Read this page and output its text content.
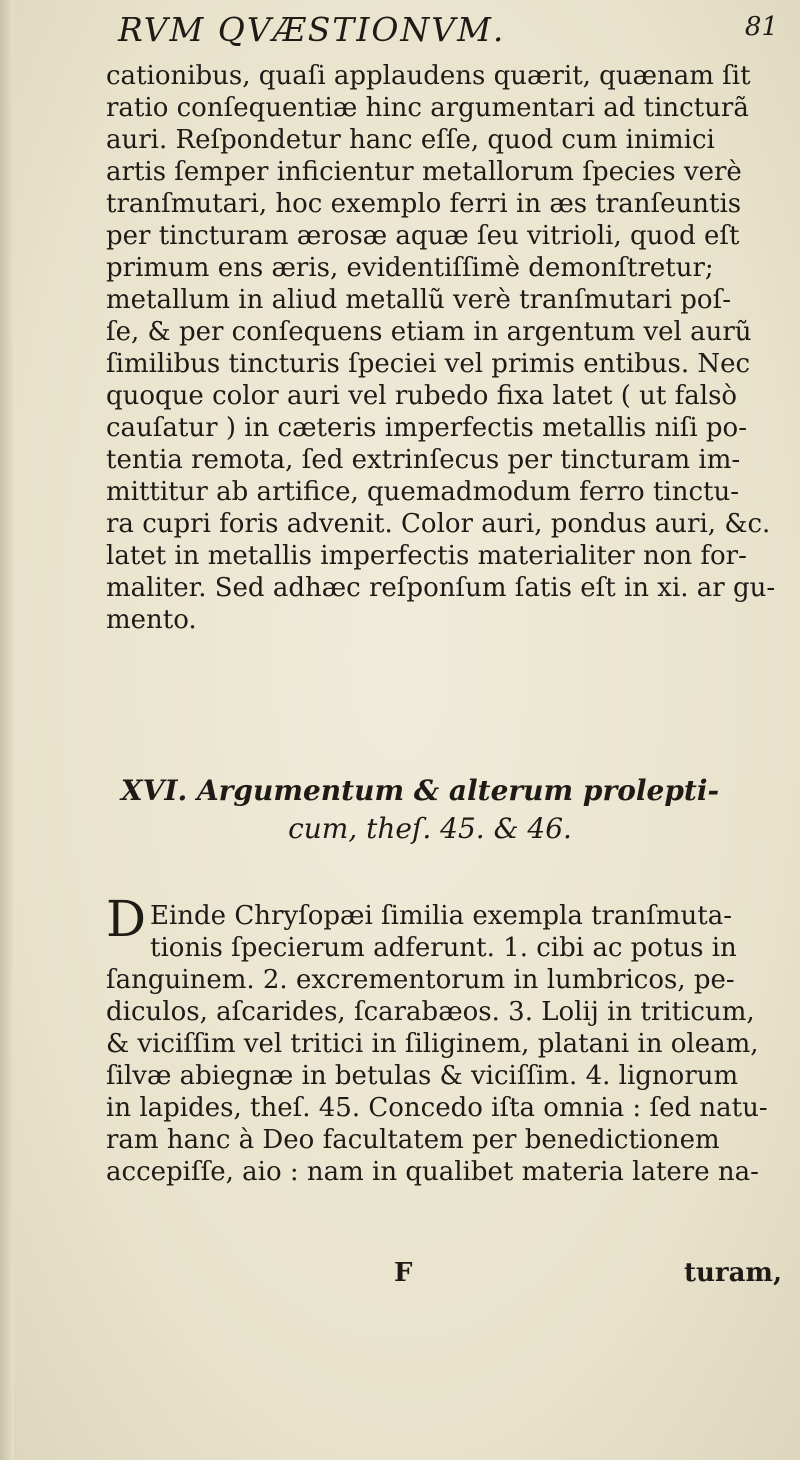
RVM QVÆSTIONVM.	81
cationibus, quaſi applaudens quærit, quænam ſit
ratio conſequentiæ hinc argumentari ad tincturã
auri. Reſpondetur hanc eſſe, quod cum inimici
artis ſemper inficientur metallorum ſpecies verè
tranſmutari, hoc exemplo ferri in æs tranſeuntis
per tincturam ærosæ aquæ ſeu vitrioli, quod eſt
primum ens æris, evidentiſſimè demonſtretur;
metallum in aliud metallũ verè tranſmutari poſ-
ſe, & per conſequens etiam in argentum vel aurũ
ſimilibus tincturis ſpeciei vel primis entibus. Nec
quoque color auri vel rubedo fixa latet ( ut falsò
cauſatur ) in cæteris imperfectis metallis niſi po-
tentia remota, ſed extrinſecus per tincturam im-
mittitur ab artifice, quemadmodum ferro tinctu-
ra cupri foris advenit. Color auri, pondus auri, &c.
latet in metallis imperfectis materialiter non for-
maliter. Sed adhæc reſponſum ſatis eſt in xi. ar gu-
mento.
XVI. Argumentum & alterum prolepti-
cum, theſ. 45. & 46.
D Einde Chryſopæi ſimilia exempla tranſmuta-
tionis ſpecierum adferunt. 1. cibi ac potus in
ſanguinem. 2. excrementorum in lumbricos, pe-
diculos, aſcarides, ſcarabæos. 3. Lolij in triticum,
& viciſſim vel tritici in ſiliginem, platani in oleam,
ſilvæ abiegnæ in betulas & viciſſim. 4. lignorum
in lapides, theſ. 45. Concedo iſta omnia : ſed natu-
ram hanc à Deo facultatem per benedictionem
accepiſſe, aio : nam in qualibet materia latere na-
F	turam,
